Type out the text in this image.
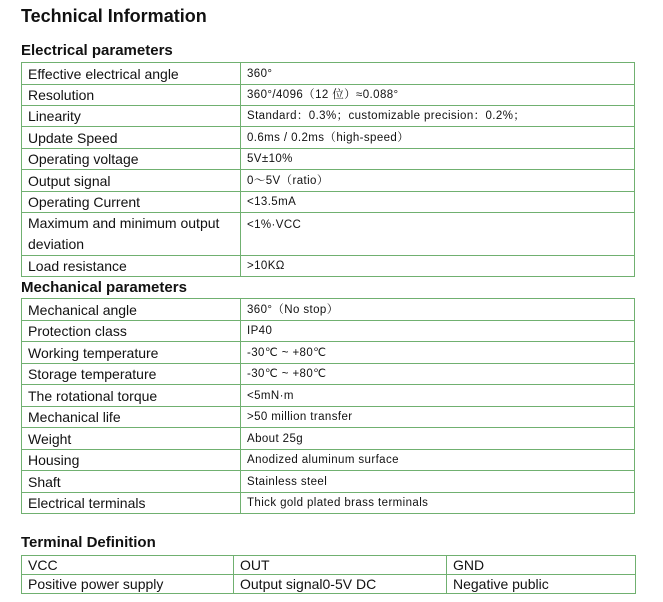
Technical Information
Electrical parameters
Effective electrical angle	360°
Resolution	360°/4096（12 位）≈0.088°
Linearity	Standard：0.3%；customizable precision：0.2%；
Update Speed	0.6ms / 0.2ms（high-speed）
Operating voltage	5V±10%
Output signal	0～5V（ratio）
Operating Current	<13.5mA
Maximum and minimum output deviation	<1%·VCC
Load resistance	>10KΩ
Mechanical parameters
Mechanical angle	360°（No stop）
Protection class	IP40
Working temperature	-30℃ ~ +80℃
Storage temperature	-30℃ ~ +80℃
The rotational torque	<5mN·m
Mechanical life	>50 million transfer
Weight	About 25g
Housing	Anodized aluminum surface
Shaft	Stainless steel
Electrical terminals	Thick gold plated brass terminals
Terminal Definition
VCC	OUT	GND
Positive power supply	Output signal0-5V DC	Negative public
